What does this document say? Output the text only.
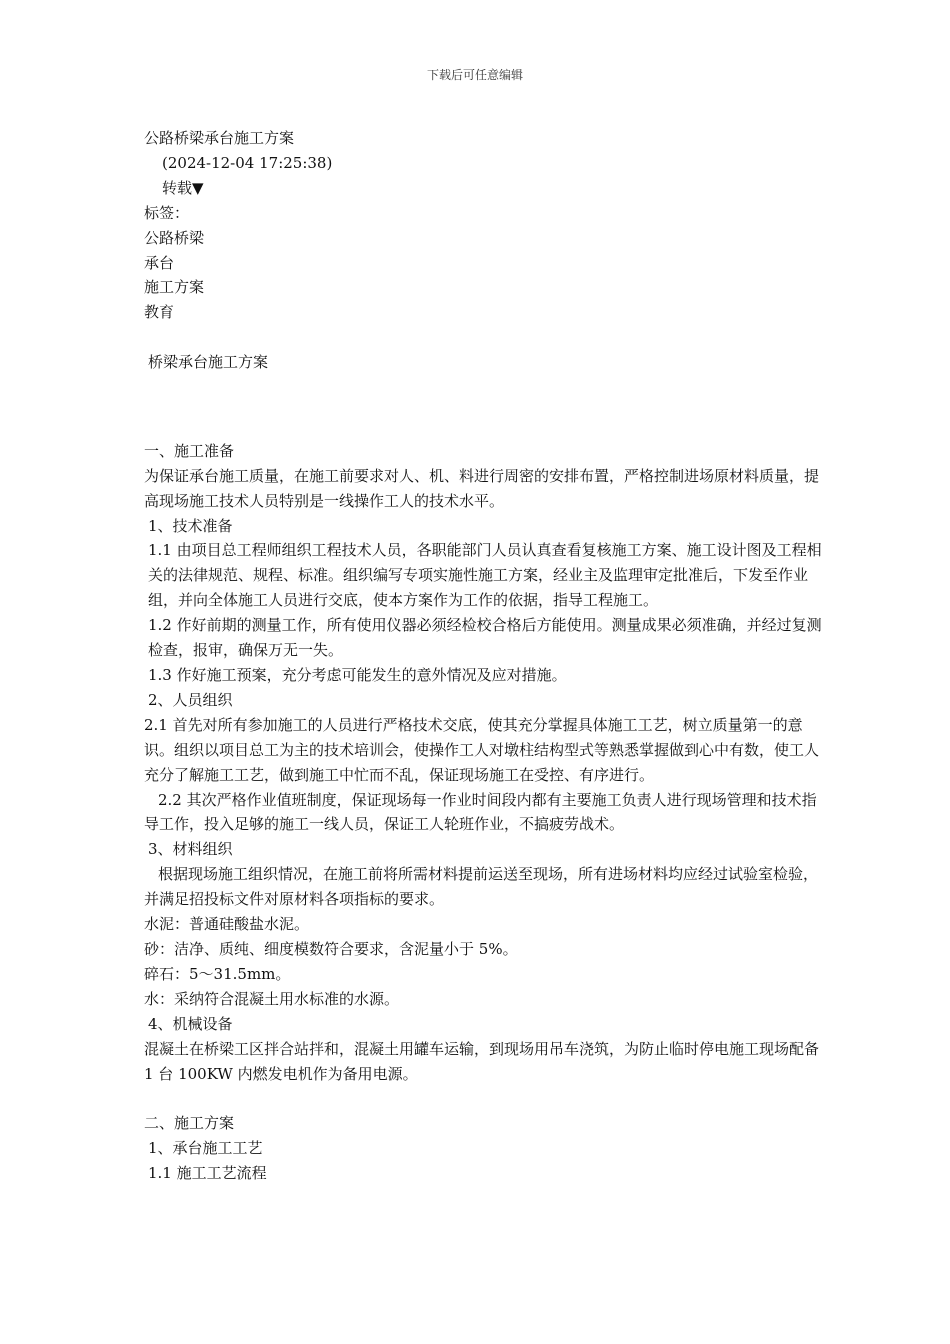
下载后可任意编辑
公路桥梁承台施工方案
(2024-12-04 17:25:38)
转载▼
标签：
公路桥梁
承台
施工方案
教育
桥梁承台施工方案
一、施工准备
为保证承台施工质量，在施工前要求对人、机、料进行周密的安排布置，严格控制进场原材料质量，提高现场施工技术人员特别是一线操作工人的技术水平。
1、技术准备
1.1 由项目总工程师组织工程技术人员，各职能部门人员认真查看复核施工方案、施工设计图及工程相关的法律规范、规程、标准。组织编写专项实施性施工方案，经业主及监理审定批准后，下发至作业组，并向全体施工人员进行交底，使本方案作为工作的依据，指导工程施工。
1.2 作好前期的测量工作，所有使用仪器必须经检校合格后方能使用。测量成果必须准确，并经过复测检查，报审，确保万无一失。
1.3 作好施工预案，充分考虑可能发生的意外情况及应对措施。
2、人员组织
2.1 首先对所有参加施工的人员进行严格技术交底，使其充分掌握具体施工工艺，树立质量第一的意识。组织以项目总工为主的技术培训会，使操作工人对墩柱结构型式等熟悉掌握做到心中有数，使工人充分了解施工工艺，做到施工中忙而不乱，保证现场施工在受控、有序进行。
2.2 其次严格作业值班制度，保证现场每一作业时间段内都有主要施工负责人进行现场管理和技术指导工作，投入足够的施工一线人员，保证工人轮班作业，不搞疲劳战术。
3、材料组织
根据现场施工组织情况，在施工前将所需材料提前运送至现场，所有进场材料均应经过试验室检验，并满足招投标文件对原材料各项指标的要求。
水泥：普通硅酸盐水泥。
砂：洁净、质纯、细度模数符合要求，含泥量小于 5%。
碎石：5～31.5mm。
水：采纳符合混凝土用水标准的水源。
4、机械设备
混凝土在桥梁工区拌合站拌和，混凝土用罐车运输，到现场用吊车浇筑，为防止临时停电施工现场配备 1 台 100KW 内燃发电机作为备用电源。
二、施工方案
1、承台施工工艺
1.1 施工工艺流程
